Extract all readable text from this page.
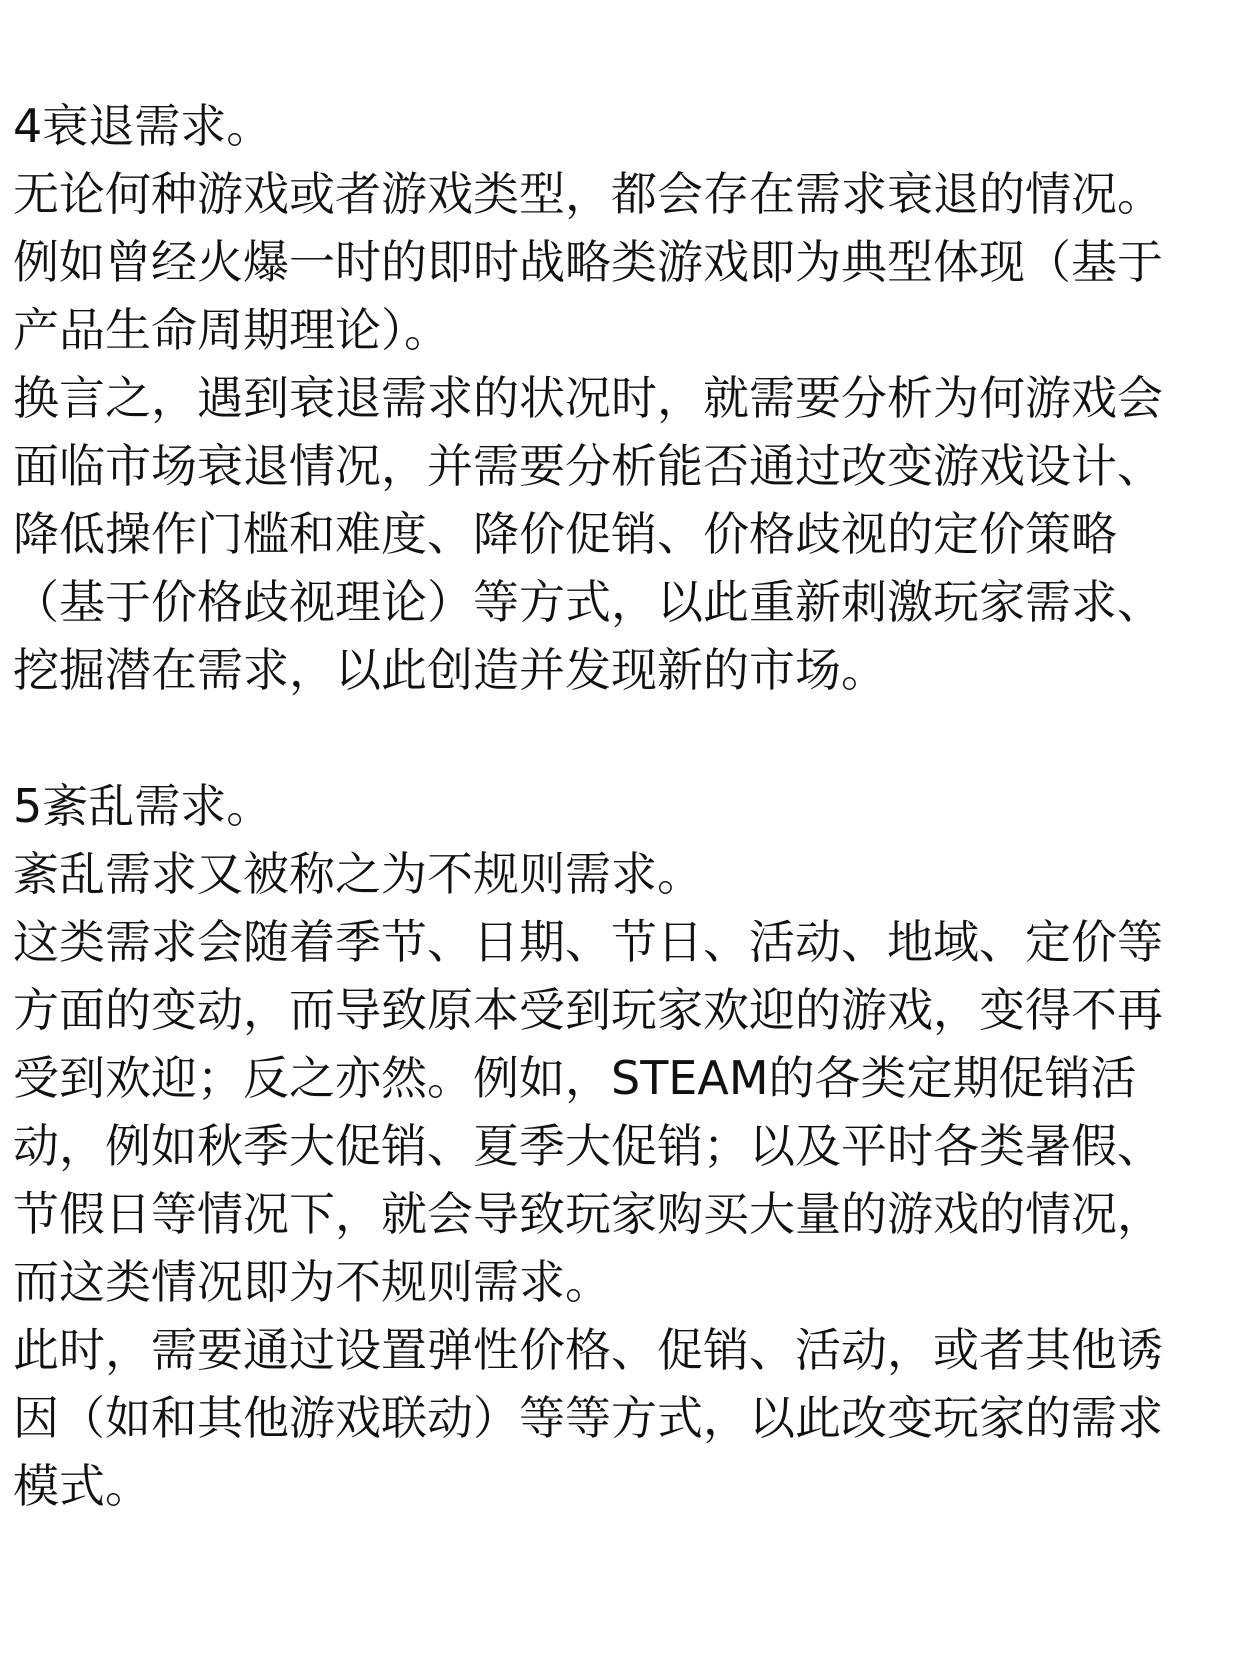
4衰退需求。
无论何种游戏或者游戏类型，都会存在需求衰退的情况。
例如曾经火爆一时的即时战略类游戏即为典型体现（基于
产品生命周期理论）。
换言之，遇到衰退需求的状况时，就需要分析为何游戏会
面临市场衰退情况，并需要分析能否通过改变游戏设计、
降低操作门槛和难度、降价促销、价格歧视的定价策略
（基于价格歧视理论）等方式，以此重新刺激玩家需求、
挖掘潜在需求，以此创造并发现新的市场。
5紊乱需求。
紊乱需求又被称之为不规则需求。
这类需求会随着季节、日期、节日、活动、地域、定价等
方面的变动，而导致原本受到玩家欢迎的游戏，变得不再
受到欢迎；反之亦然。例如，STEAM的各类定期促销活
动，例如秋季大促销、夏季大促销；以及平时各类暑假、
节假日等情况下，就会导致玩家购买大量的游戏的情况，
而这类情况即为不规则需求。
此时，需要通过设置弹性价格、促销、活动，或者其他诱
因（如和其他游戏联动）等等方式，以此改变玩家的需求
模式。
